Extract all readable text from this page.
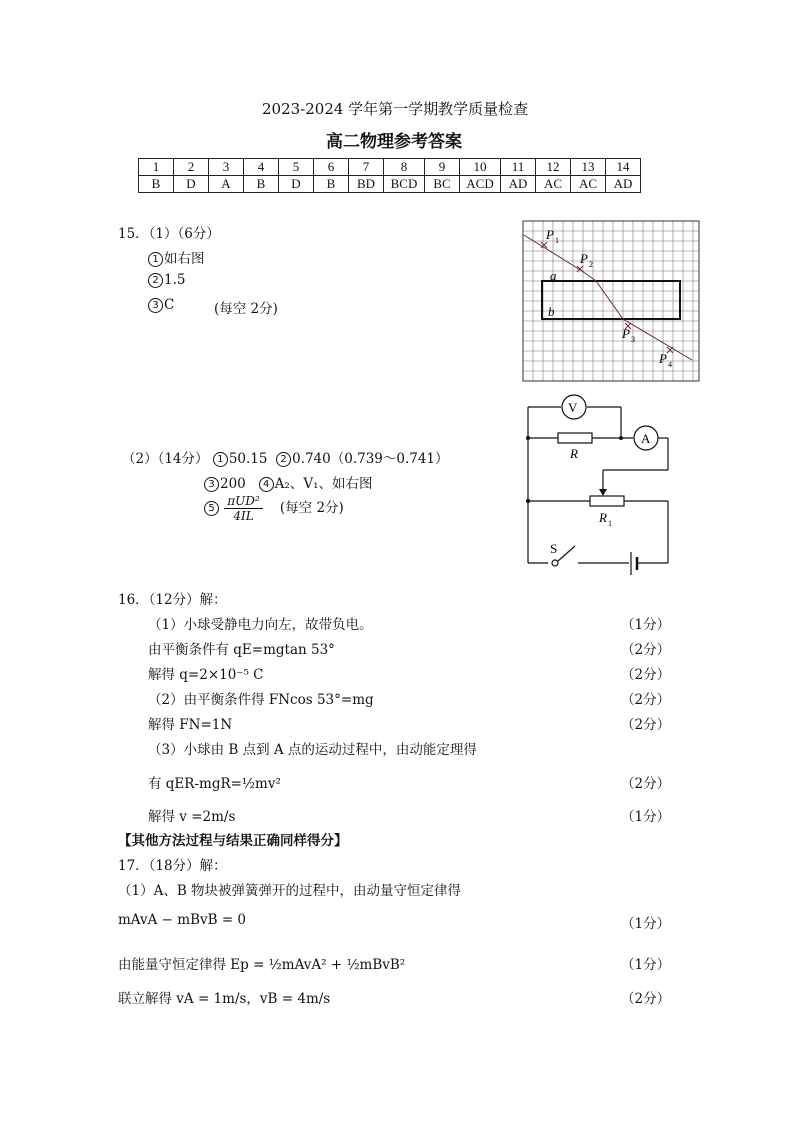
2023-2024 学年第一学期教学质量检查
高二物理参考答案
1	2	3	4	5	6	7	8	9	10	11	12	13	14
B	D	A	B	D	B	BD	BCD	BC	ACD	AD	AC	AC	AD
15．（1）（6分）
1 如右图
2 1.5
3 C	(每空 2分)
P 1
P 2
P 3
P 4
a
b
V
A
R
R 1
S
（2）（14分） 1 50.15 2 0.740（0.739～0.741）
3 200 4 A₂、V₁、如右图
$5 \frac{\text{πUD²}}{4IL}$ (每空 2分)
16．（12分）解：
（1）小球受静电力向左，故带负电。	（1分）
由平衡条件有 qE=mgtan 53°	（2分）
解得 q=2×10⁻⁵ C	（2分）
（2）由平衡条件得 FNcos 53°=mg	（2分）
解得 FN=1N	（2分）
（3）小球由 B 点到 A 点的运动过程中，由动能定理得
有 qER-mgR=½mv²	（2分）
解得 v =2m/s	（1分）
【其他方法过程与结果正确同样得分】
17．（18分）解：
（1）A、B 物块被弹簧弹开的过程中，由动量守恒定律得
mAvA − mBvB = 0	（1分）
由能量守恒定律得 Ep = ½mAvA² + ½mBvB²	（1分）
联立解得 vA = 1m/s，vB = 4m/s	（2分）
